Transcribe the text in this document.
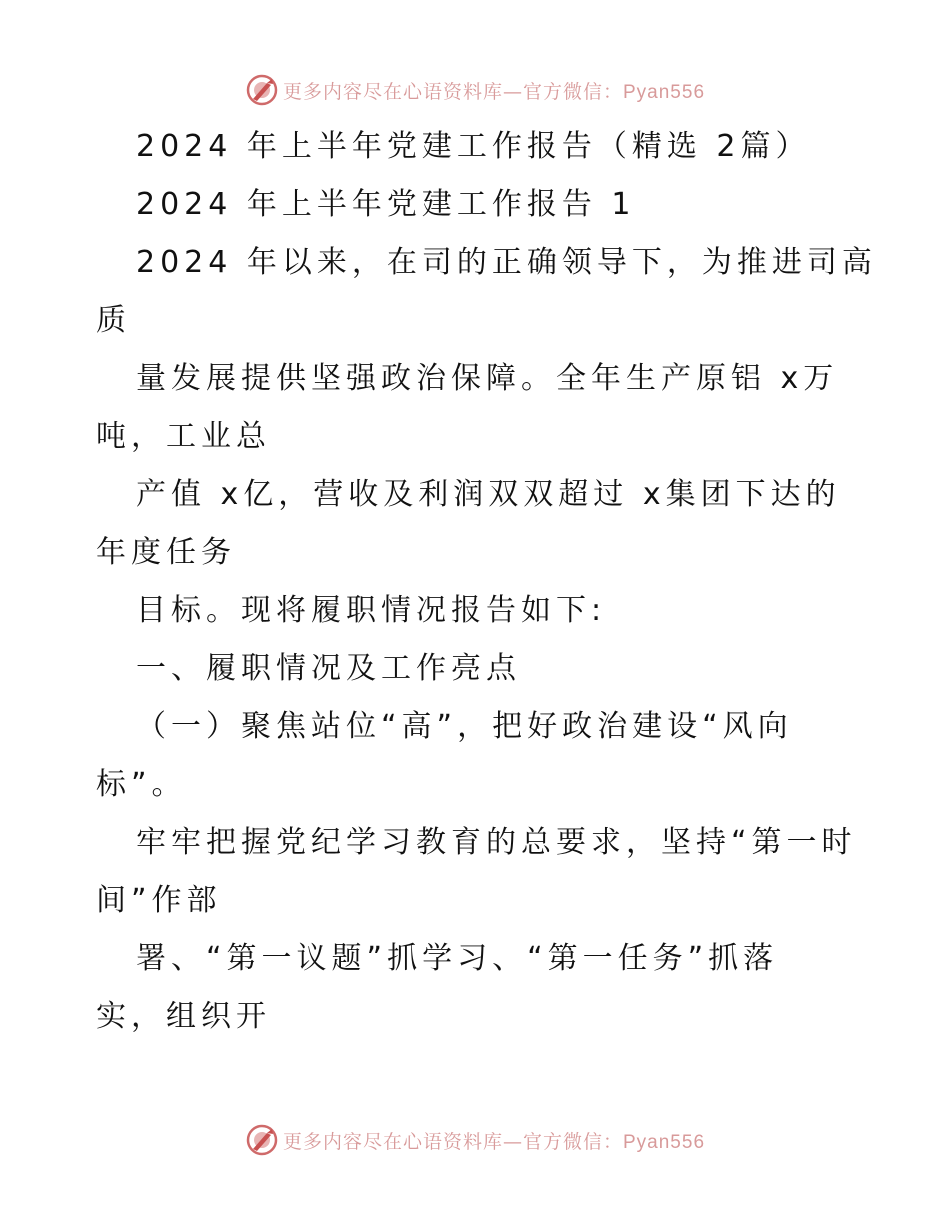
更多内容尽在心语资料库—官方微信：Pyan556
2024 年上半年党建工作报告（精选 2篇）
2024 年上半年党建工作报告 1
2024 年以来，在司的正确领导下，为推进司高
质
量发展提供坚强政治保障。全年生产原铝 x万
吨，工业总
产值 x亿，营收及利润双双超过 x集团下达的
年度任务
目标。现将履职情况报告如下:
一、履职情况及工作亮点
（一）聚焦站位“高”，把好政治建设“风向
标”。
牢牢把握党纪学习教育的总要求，坚持“第一时
间”作部
署、“第一议题”抓学习、“第一任务”抓落
实，组织开
更多内容尽在心语资料库—官方微信：Pyan556
